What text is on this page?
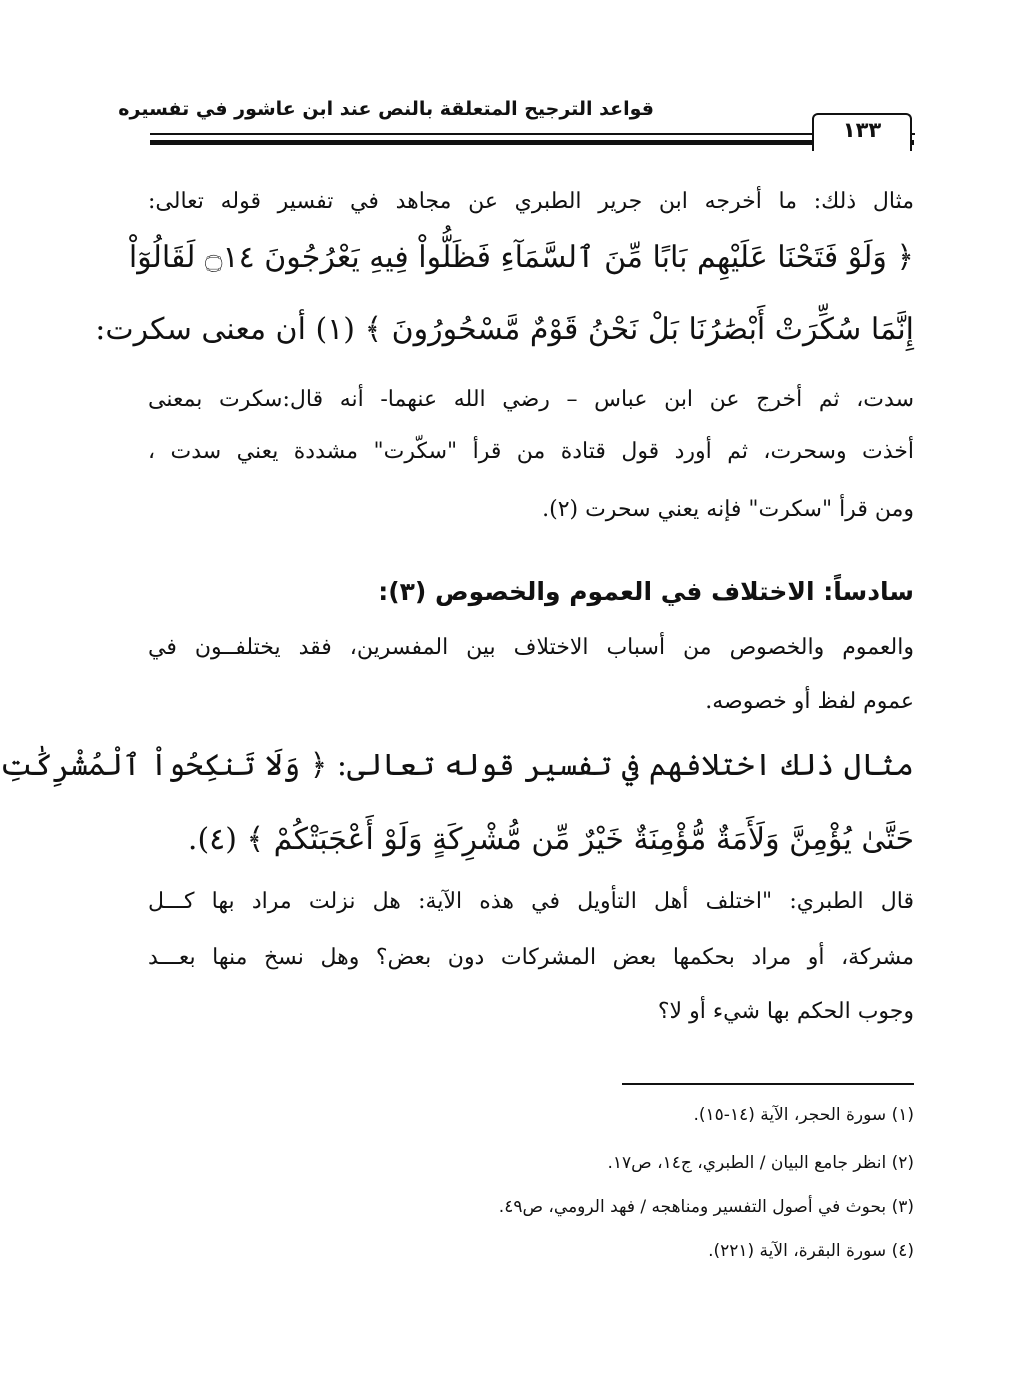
قواعد الترجيح المتعلقة بالنص عند ابن عاشور في تفسيره
١٣٣
مثال ذلك: ما أخرجه ابن جرير الطبري عن مجاهد في تفسير قوله تعالى:
﴿ وَلَوْ فَتَحْنَا عَلَيْهِم بَابًا مِّنَ ٱلسَّمَآءِ فَظَلُّواْ فِيهِ يَعْرُجُونَ ۝١٤ لَقَالُوٓاْ
إِنَّمَا سُكِّرَتْ أَبْصَٰرُنَا بَلْ نَحْنُ قَوْمٌ مَّسْحُورُونَ ﴾ (١) أن معنى سكرت:
سدت، ثم أخرج عن ابن عباس – رضي الله عنهما- أنه قال:سكرت بمعنى
أخذت وسحرت، ثم أورد قول قتادة من قرأ "سكّرت" مشددة يعني سدت ،
ومن قرأ "سكرت" فإنه يعني سحرت (٢).
سادساً: الاختلاف في العموم والخصوص (٣):
والعموم والخصوص من أسباب الاختلاف بين المفسرين، فقد يختلفــون في
عموم لفظ أو خصوصه.
مثال ذلك اختلافهم في تفسير قوله تعالى: ﴿ وَلَا تَنكِحُواْ ٱلْمُشْرِكَٰتِ
حَتَّىٰ يُؤْمِنَّ وَلَأَمَةٌ مُّؤْمِنَةٌ خَيْرٌ مِّن مُّشْرِكَةٍ وَلَوْ أَعْجَبَتْكُمْ ﴾ (٤).
قال الطبري: "اختلف أهل التأويل في هذه الآية: هل نزلت مراد بها كـــل
مشركة، أو مراد بحكمها بعض المشركات دون بعض؟ وهل نسخ منها بعـــد
وجوب الحكم بها شيء أو لا؟
(١) سورة الحجر، الآية (١٤-١٥).
(٢) انظر جامع البيان / الطبري، ج١٤، ص١٧.
(٣) بحوث في أصول التفسير ومناهجه / فهد الرومي، ص٤٩.
(٤) سورة البقرة، الآية (٢٢١).
